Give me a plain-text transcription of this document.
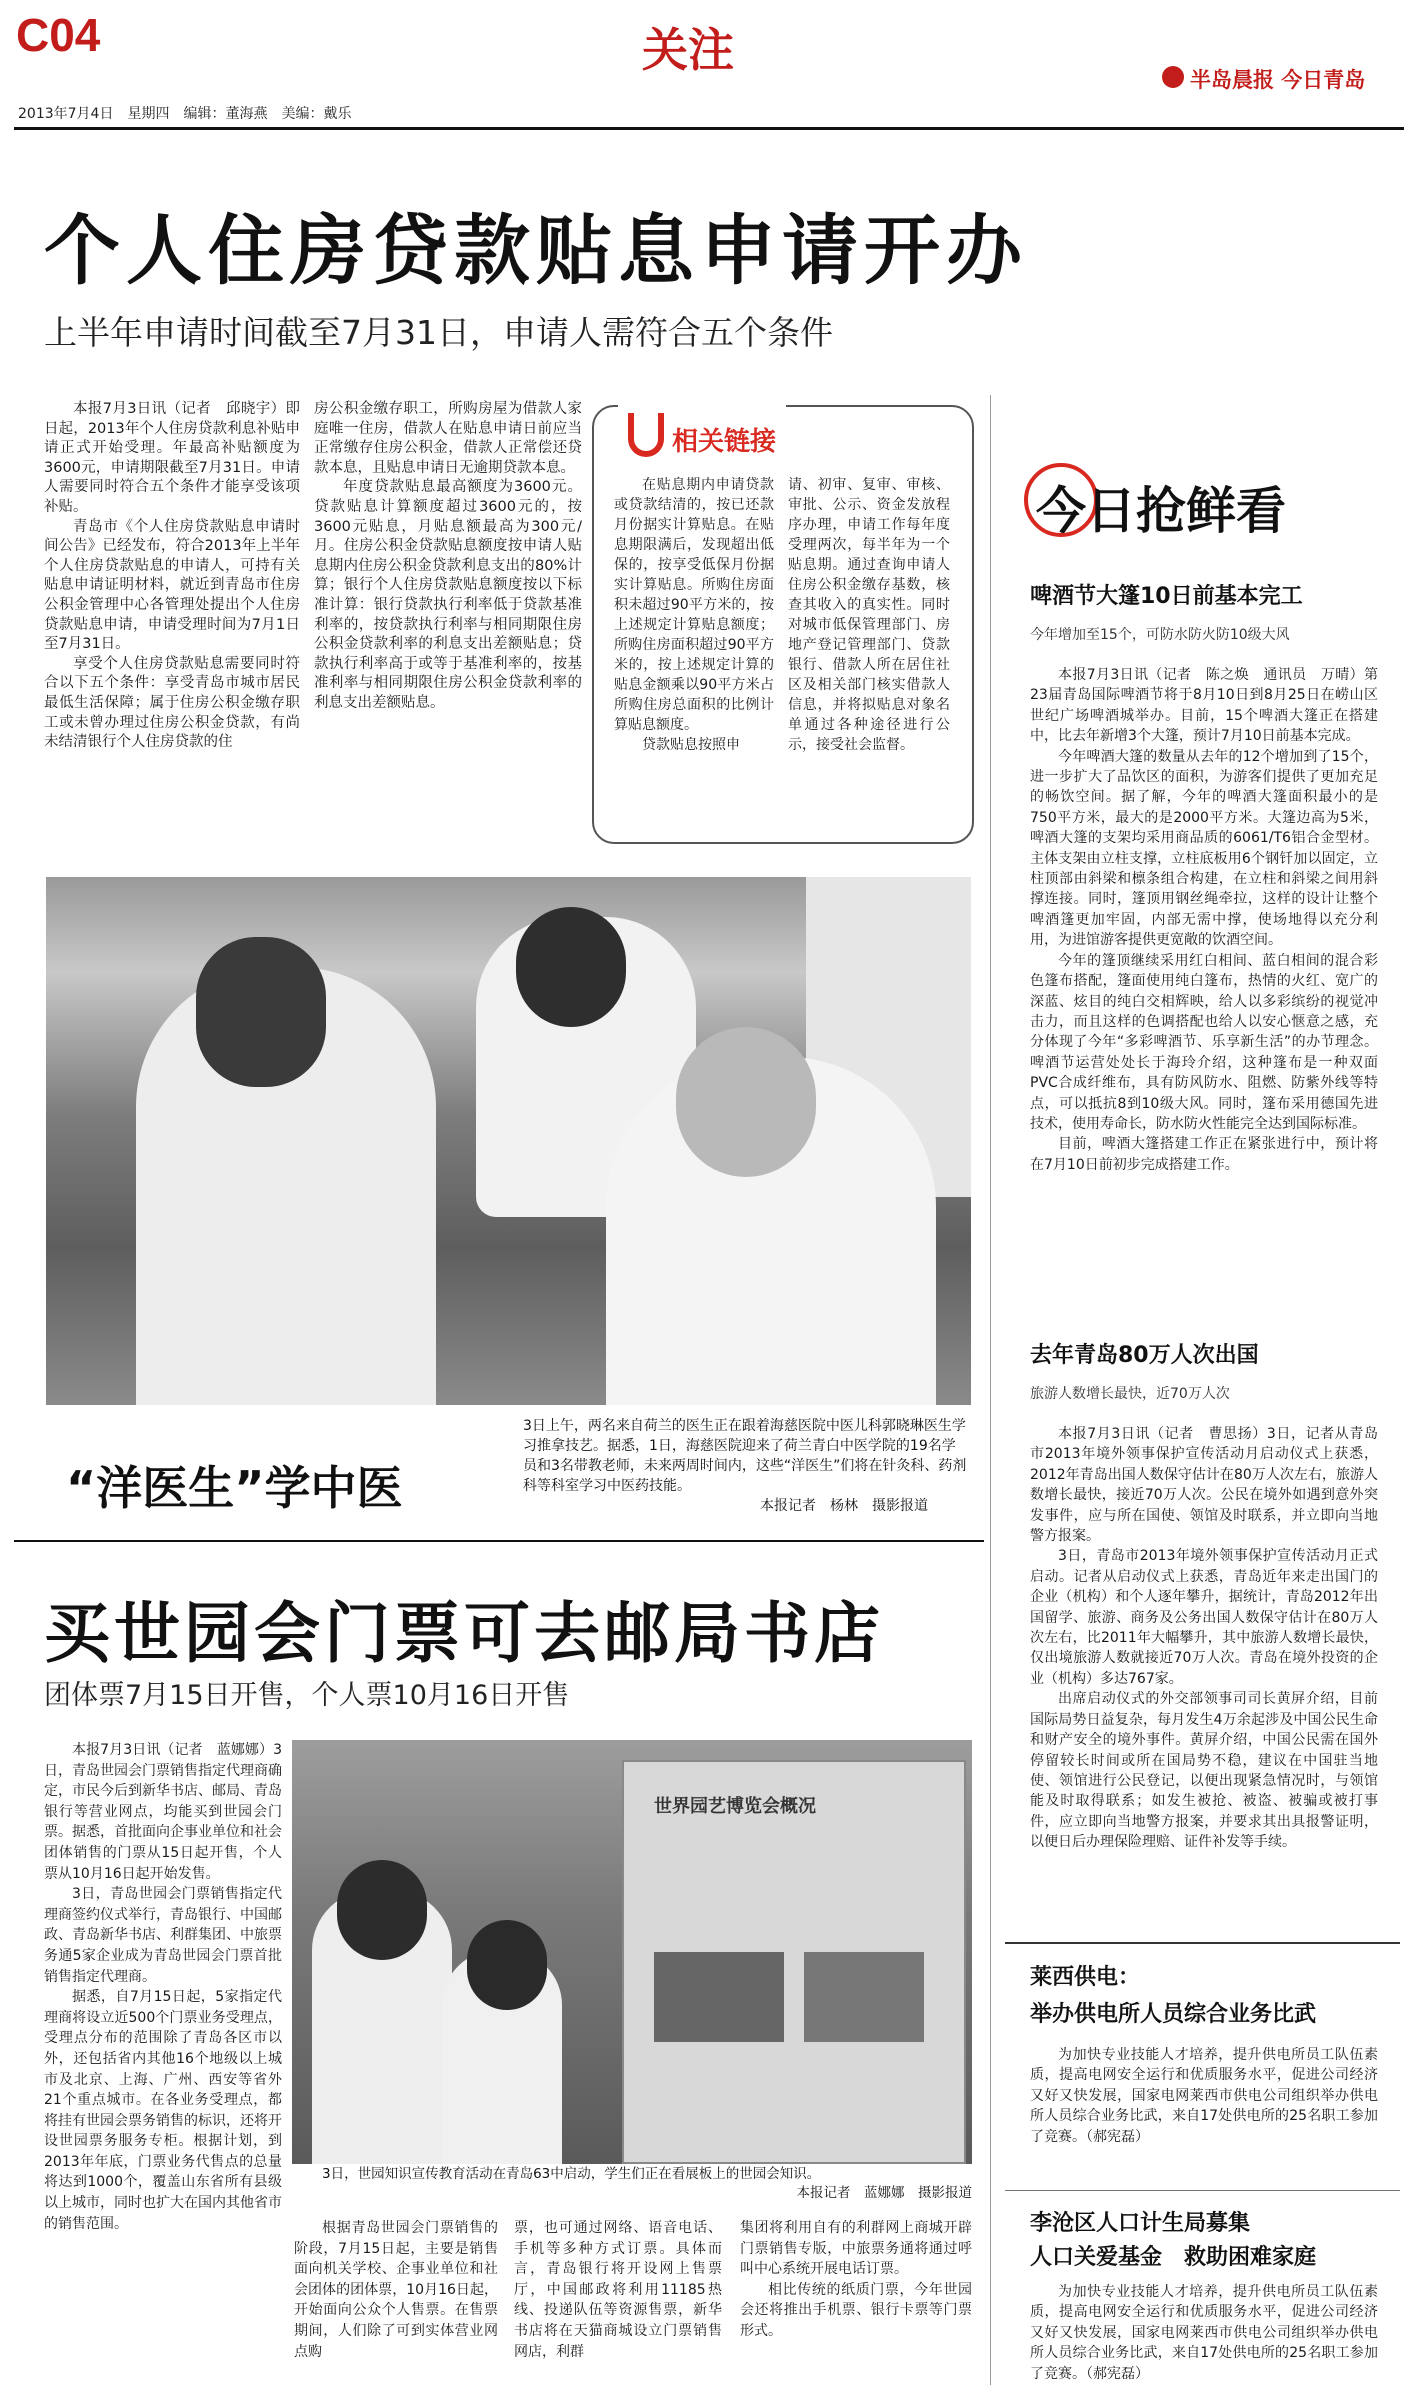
C04	关注
半岛晨报 今日青岛
2013年7月4日　星期四　编辑：董海燕　美编：戴乐
个人住房贷款贴息申请开办
上半年申请时间截至7月31日，申请人需符合五个条件

本报7月3日讯（记者　邱晓宇）即日起，2013年个人住房贷款利息补贴申请正式开始受理。年最高补贴额度为3600元，申请期限截至7月31日。申请人需要同时符合五个条件才能享受该项补贴。

青岛市《个人住房贷款贴息申请时间公告》已经发布，符合2013年上半年个人住房贷款贴息的申请人，可持有关贴息申请证明材料，就近到青岛市住房公积金管理中心各管理处提出个人住房贷款贴息申请，申请受理时间为7月1日至7月31日。

享受个人住房贷款贴息需要同时符合以下五个条件：享受青岛市城市居民最低生活保障；属于住房公积金缴存职工或未曾办理过住房公积金贷款，有尚未结清银行个人住房贷款的住

房公积金缴存职工，所购房屋为借款人家庭唯一住房，借款人在贴息申请日前应当正常缴存住房公积金，借款人正常偿还贷款本息，且贴息申请日无逾期贷款本息。

年度贷款贴息最高额度为3600元。贷款贴息计算额度超过3600元的，按3600元贴息，月贴息额最高为300元/月。住房公积金贷款贴息额度按申请人贴息期内住房公积金贷款利息支出的80%计算；银行个人住房贷款贴息额度按以下标准计算：银行贷款执行利率低于贷款基准利率的，按贷款执行利率与相同期限住房公积金贷款利率的利息支出差额贴息；贷款执行利率高于或等于基准利率的，按基准利率与相同期限住房公积金贷款利率的利息支出差额贴息。

相关链接

在贴息期内申请贷款或贷款结清的，按已还款月份据实计算贴息。在贴息期限满后，发现超出低保的，按享受低保月份据实计算贴息。所购住房面积未超过90平方米的，按上述规定计算贴息额度；所购住房面积超过90平方米的，按上述规定计算的贴息金额乘以90平方米占所购住房总面积的比例计算贴息额度。

贷款贴息按照申

请、初审、复审、审核、审批、公示、资金发放程序办理，申请工作每年度受理两次，每半年为一个贴息期。通过查询申请人住房公积金缴存基数，核查其收入的真实性。同时对城市低保管理部门、房地产登记管理部门、贷款银行、借款人所在居住社区及相关部门核实借款人信息，并将拟贴息对象名单通过各种途径进行公示，接受社会监督。

“洋医生”学中医
3日上午，两名来自荷兰的医生正在跟着海慈医院中医儿科郭晓琳医生学习推拿技艺。据悉，1日，海慈医院迎来了荷兰青白中医学院的19名学员和3名带教老师，未来两周时间内，这些“洋医生”们将在针灸科、药剂科等科室学习中医药技能。
本报记者　杨林　摄影报道
买世园会门票可去邮局书店
团体票7月15日开售，个人票10月16日开售

本报7月3日讯（记者　蓝娜娜）3日，青岛世园会门票销售指定代理商确定，市民今后到新华书店、邮局、青岛银行等营业网点，均能买到世园会门票。据悉，首批面向企事业单位和社会团体销售的门票从15日起开售，个人票从10月16日起开始发售。

3日，青岛世园会门票销售指定代理商签约仪式举行，青岛银行、中国邮政、青岛新华书店、利群集团、中旅票务通5家企业成为青岛世园会门票首批销售指定代理商。

据悉，自7月15日起，5家指定代理商将设立近500个门票业务受理点，受理点分布的范围除了青岛各区市以外，还包括省内其他16个地级以上城市及北京、上海、广州、西安等省外21个重点城市。在各业务受理点，都将挂有世园会票务销售的标识，还将开设世园票务服务专柜。根据计划，到2013年年底，门票业务代售点的总量将达到1000个，覆盖山东省所有县级以上城市，同时也扩大在国内其他省市的销售范围。

世界园艺博览会概况
3日，世园知识宣传教育活动在青岛63中启动，学生们正在看展板上的世园会知识。
本报记者　蓝娜娜　摄影报道

根据青岛世园会门票销售的阶段，7月15日起，主要是销售面向机关学校、企事业单位和社会团体的团体票，10月16日起，开始面向公众个人售票。在售票期间，人们除了可到实体营业网点购

票，也可通过网络、语音电话、手机等多种方式订票。具体而言，青岛银行将开设网上售票厅，中国邮政将利用11185热线、投递队伍等资源售票，新华书店将在天猫商城设立门票销售网店，利群

集团将利用自有的利群网上商城开辟门票销售专版，中旅票务通将通过呼叫中心系统开展电话订票。

相比传统的纸质门票，今年世园会还将推出手机票、银行卡票等门票形式。

今日抢鲜看
啤酒节大篷10日前基本完工
今年增加至15个，可防水防火防10级大风

本报7月3日讯（记者　陈之焕　通讯员　万晴）第23届青岛国际啤酒节将于8月10日到8月25日在崂山区世纪广场啤酒城举办。目前，15个啤酒大篷正在搭建中，比去年新增3个大篷，预计7月10日前基本完成。

今年啤酒大篷的数量从去年的12个增加到了15个，进一步扩大了品饮区的面积，为游客们提供了更加充足的畅饮空间。据了解，今年的啤酒大篷面积最小的是750平方米，最大的是2000平方米。大篷边高为5米，啤酒大篷的支架均采用商品质的6061/T6铝合金型材。主体支架由立柱支撑，立柱底板用6个钢钎加以固定，立柱顶部由斜梁和檩条组合构建，在立柱和斜梁之间用斜撑连接。同时，篷顶用钢丝绳牵拉，这样的设计让整个啤酒篷更加牢固，内部无需中撑，使场地得以充分利用，为进馆游客提供更宽敞的饮酒空间。

今年的篷顶继续采用红白相间、蓝白相间的混合彩色篷布搭配，篷面使用纯白篷布，热情的火红、宽广的深蓝、炫目的纯白交相辉映，给人以多彩缤纷的视觉冲击力，而且这样的色调搭配也给人以安心惬意之感，充分体现了今年“多彩啤酒节、乐享新生活”的办节理念。啤酒节运营处处长于海玲介绍，这种篷布是一种双面PVC合成纤维布，具有防风防水、阻燃、防紫外线等特点，可以抵抗8到10级大风。同时，篷布采用德国先进技术，使用寿命长，防水防火性能完全达到国际标准。

目前，啤酒大篷搭建工作正在紧张进行中，预计将在7月10日前初步完成搭建工作。

去年青岛80万人次出国
旅游人数增长最快，近70万人次

本报7月3日讯（记者　曹思扬）3日，记者从青岛市2013年境外领事保护宣传活动月启动仪式上获悉，2012年青岛出国人数保守估计在80万人次左右，旅游人数增长最快，接近70万人次。公民在境外如遇到意外突发事件，应与所在国使、领馆及时联系，并立即向当地警方报案。

3日，青岛市2013年境外领事保护宣传活动月正式启动。记者从启动仪式上获悉，青岛近年来走出国门的企业（机构）和个人逐年攀升，据统计，青岛2012年出国留学、旅游、商务及公务出国人数保守估计在80万人次左右，比2011年大幅攀升，其中旅游人数增长最快，仅出境旅游人数就接近70万人次。青岛在境外投资的企业（机构）多达767家。

出席启动仪式的外交部领事司司长黄屏介绍，目前国际局势日益复杂，每月发生4万余起涉及中国公民生命和财产安全的境外事件。黄屏介绍，中国公民需在国外停留较长时间或所在国局势不稳，建议在中国驻当地使、领馆进行公民登记，以便出现紧急情况时，与领馆能及时取得联系；如发生被抢、被盗、被骗或被打事件，应立即向当地警方报案，并要求其出具报警证明，以便日后办理保险理赔、证件补发等手续。

莱西供电：
举办供电所人员综合业务比武

为加快专业技能人才培养，提升供电所员工队伍素质，提高电网安全运行和优质服务水平，促进公司经济又好又快发展，国家电网莱西市供电公司组织举办供电所人员综合业务比武，来自17处供电所的25名职工参加了竞赛。（郝宪磊）

李沧区人口计生局募集
人口关爱基金　救助困难家庭

为加快专业技能人才培养，提升供电所员工队伍素质，提高电网安全运行和优质服务水平，促进公司经济又好又快发展，国家电网莱西市供电公司组织举办供电所人员综合业务比武，来自17处供电所的25名职工参加了竞赛。（郝宪磊）
